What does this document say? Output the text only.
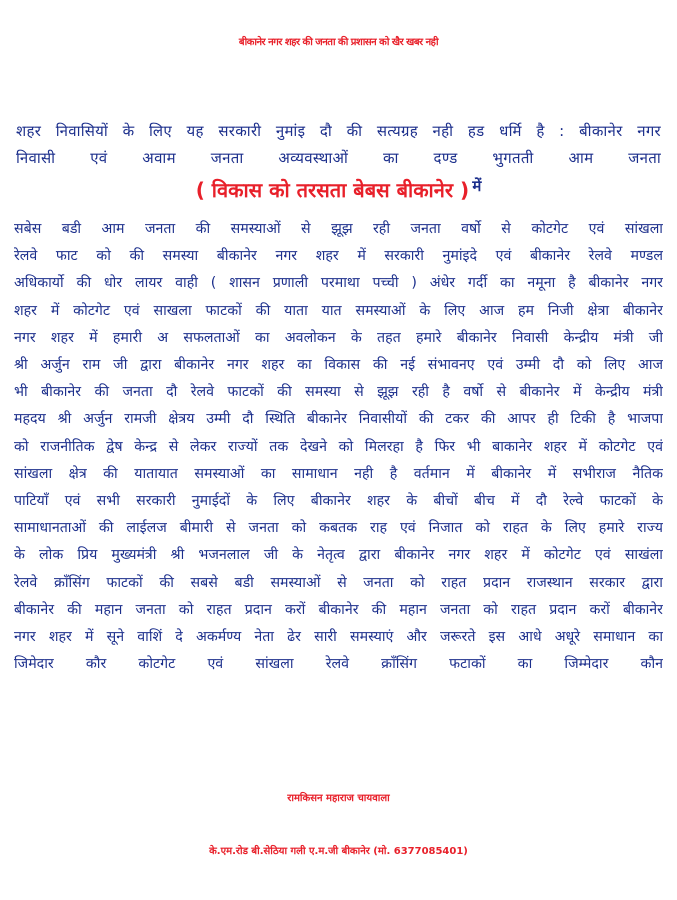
बीकानेर नगर शहर की जनता की प्रशासन को खैर खबर नही
शहर निवासियों के लिए यह सरकारी नुमांइ दौ की सत्यग्रह नही हड धर्मि है : बीकानेर नगर
निवासी एवं अवाम जनता अव्यवस्थाओं का दण्ड भुगतती आम जनता
( विकास को तरसता बेबस बीकानेर ) में
सबेस बडी आम जनता की समस्याओं से झूझ रही जनता वर्षो से कोटगेट एवं सांखला
रेलवे फाट को की समस्या बीकानेर नगर शहर में सरकारी नुमांइदे एवं बीकानेर रेलवे मण्डल
अधिकार्यो की धोर लायर वाही ( शासन प्रणाली परमाथा पच्ची ) अंधेर गर्दी का नमूना है बीकानेर नगर
शहर में कोटगेट एवं साखला फाटकों की याता यात समस्याओं के लिए आज हम निजी क्षेत्रा बीकानेर
नगर शहर में हमारी अ सफलताओं का अवलोकन के तहत हमारे बीकानेर निवासी केन्द्रीय मंत्री जी
श्री अर्जुन राम जी द्वारा बीकानेर नगर शहर का विकास की नई संभावनए एवं उम्मी दौ को लिए आज
भी बीकानेर की जनता दौ रेलवे फाटकों की समस्या से झूझ रही है वर्षो से बीकानेर में केन्द्रीय मंत्री
महदय श्री अर्जुन रामजी क्षेत्रय उम्मी दौ स्थिति बीकानेर निवासीयों की टकर की आपर ही टिकी है भाजपा
को राजनीतिक द्वेष केन्द्र से लेकर राज्यों तक देखने को मिलरहा है फिर भी बाकानेर शहर में कोटगेट एवं
सांखला क्षेत्र की यातायात समस्याओं का सामाधान नही है वर्तमान में बीकानेर में सभीराज नैतिक
पाटियाँ एवं सभी सरकारी नुमाईदों के लिए बीकानेर शहर के बीचों बीच में दौ रेल्वे फाटकों के
सामाधानताओं की लाईलज बीमारी से जनता को कबतक राह एवं निजात को राहत के लिए हमारे राज्य
के लोक प्रिय मुख्यमंत्री श्री भजनलाल जी के नेतृत्व द्वारा बीकानेर नगर शहर में कोटगेट एवं साखंला
रेलवे क्राँसिंग फाटकों की सबसे बडी समस्याओं से जनता को राहत प्रदान राजस्थान सरकार द्वारा
बीकानेर की महान जनता को राहत प्रदान करों बीकानेर की महान जनता को राहत प्रदान करों बीकानेर
नगर शहर में सूने वाशिं दे अकर्मण्य नेता ढेर सारी समस्याएं और जरूरते इस आधे अधूरे समाधान का
जिमेदार कौर कोटगेट एवं सांखला रेलवे क्राँसिंग फटाकों का जिम्मेदार कौन
रामकिसन महाराज चायवाला
के.एम.रोड बी.सेठिया गली ए.म.जी बीकानेर (मो. 6377085401)
